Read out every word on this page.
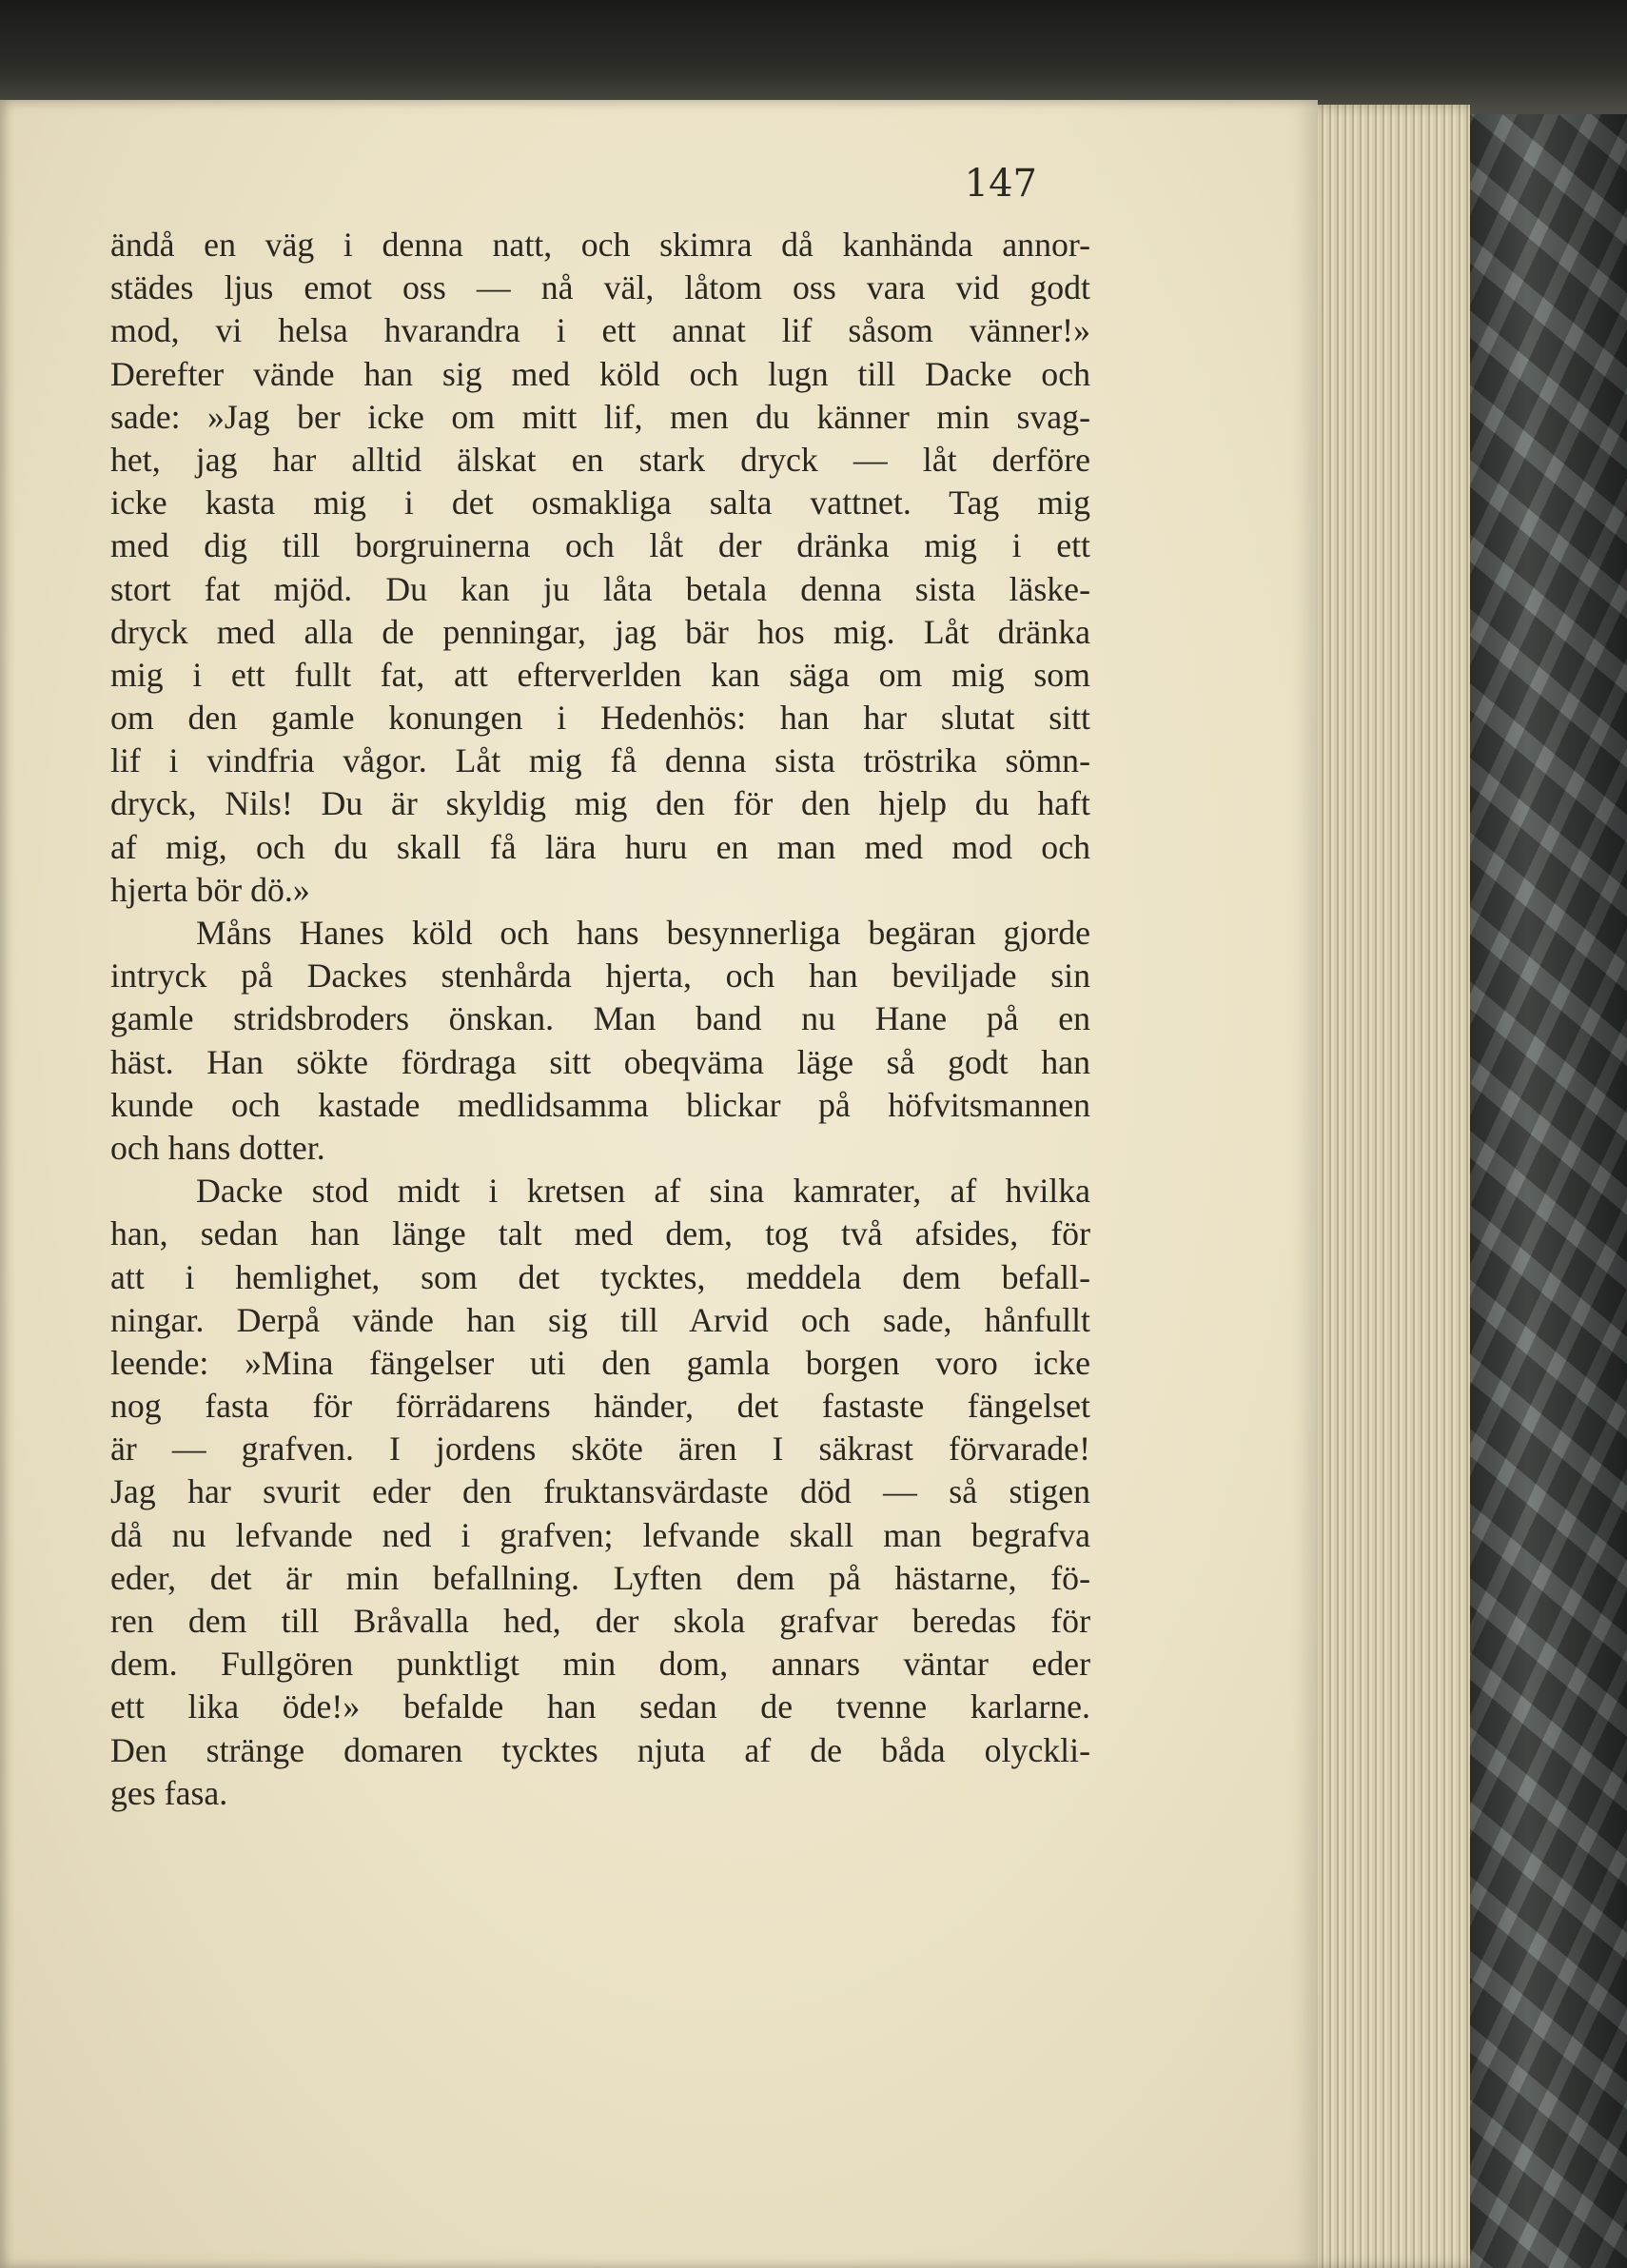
147
ändå en väg i denna natt, och skimra då kanhända annor-
städes ljus emot oss — nå väl, låtom oss vara vid godt
mod, vi helsa hvarandra i ett annat lif såsom vänner!»
Derefter vände han sig med köld och lugn till Dacke och
sade: »Jag ber icke om mitt lif, men du känner min svag-
het, jag har alltid älskat en stark dryck — låt derföre
icke kasta mig i det osmakliga salta vattnet. Tag mig
med dig till borgruinerna och låt der dränka mig i ett
stort fat mjöd. Du kan ju låta betala denna sista läske-
dryck med alla de penningar, jag bär hos mig. Låt dränka
mig i ett fullt fat, att efterverlden kan säga om mig som
om den gamle konungen i Hedenhös: han har slutat sitt
lif i vindfria vågor. Låt mig få denna sista tröstrika sömn-
dryck, Nils! Du är skyldig mig den för den hjelp du haft
af mig, och du skall få lära huru en man med mod och
hjerta bör dö.»
Måns Hanes köld och hans besynnerliga begäran gjorde
intryck på Dackes stenhårda hjerta, och han beviljade sin
gamle stridsbroders önskan. Man band nu Hane på en
häst. Han sökte fördraga sitt obeqväma läge så godt han
kunde och kastade medlidsamma blickar på höfvitsmannen
och hans dotter.
Dacke stod midt i kretsen af sina kamrater, af hvilka
han, sedan han länge talt med dem, tog två afsides, för
att i hemlighet, som det tycktes, meddela dem befall-
ningar. Derpå vände han sig till Arvid och sade, hånfullt
leende: »Mina fängelser uti den gamla borgen voro icke
nog fasta för förrädarens händer, det fastaste fängelset
är — grafven. I jordens sköte ären I säkrast förvarade!
Jag har svurit eder den fruktansvärdaste död — så stigen
då nu lefvande ned i grafven; lefvande skall man begrafva
eder, det är min befallning. Lyften dem på hästarne, fö-
ren dem till Bråvalla hed, der skola grafvar beredas för
dem. Fullgören punktligt min dom, annars väntar eder
ett lika öde!» befalde han sedan de tvenne karlarne.
Den stränge domaren tycktes njuta af de båda olyckli-
ges fasa.
